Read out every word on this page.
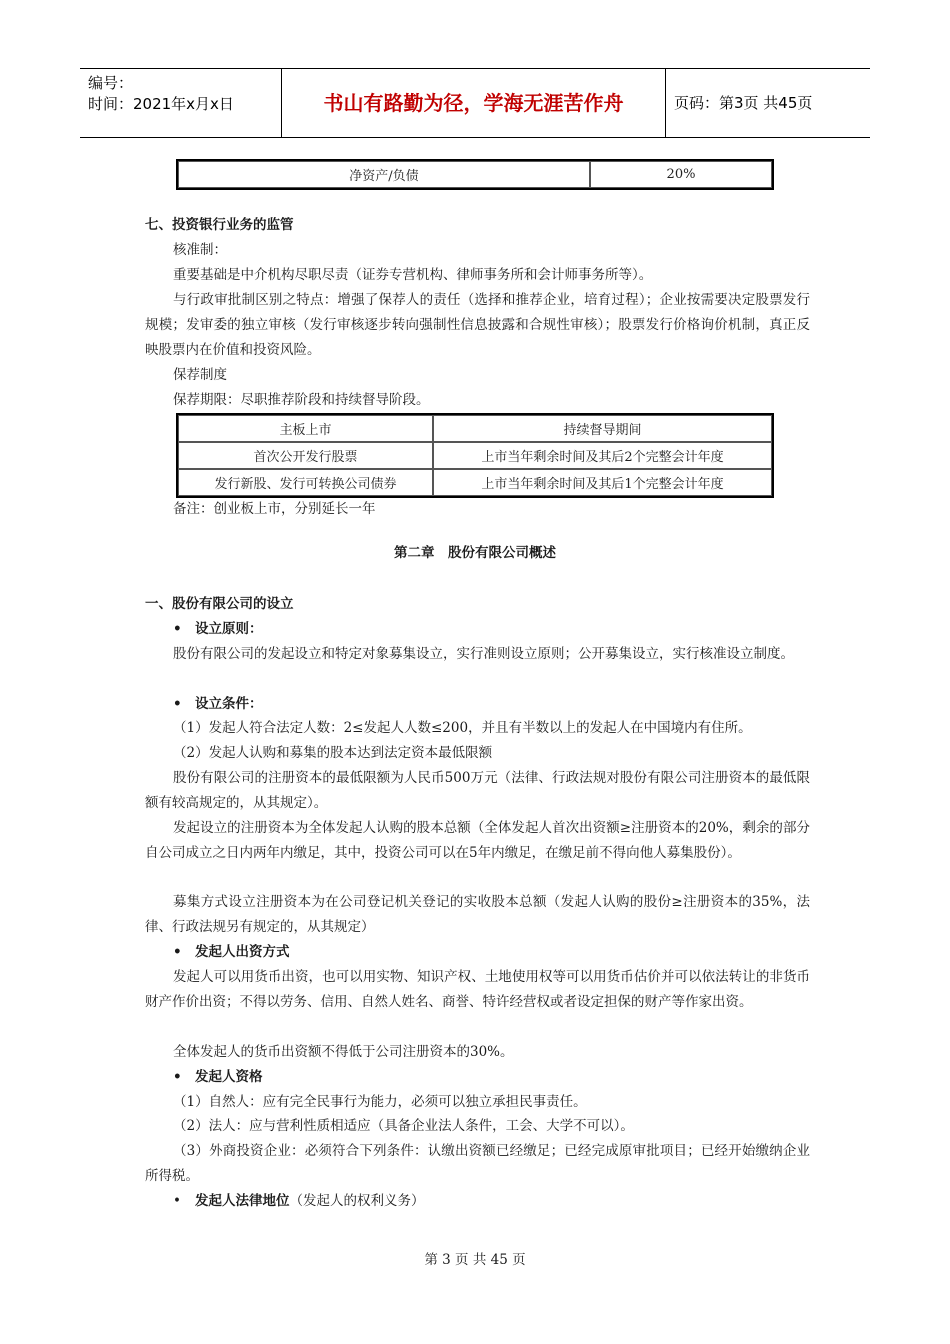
编号：
时间：2021年x月x日	书山有路勤为径，学海无涯苦作舟	页码：第3页 共45页
净资产/负债	20%
七、投资银行业务的监管
核准制：
重要基础是中介机构尽职尽责（证券专营机构、律师事务所和会计师事务所等）。
与行政审批制区别之特点：增强了保荐人的责任（选择和推荐企业，培育过程）；企业按需要决定股票发行规模；发审委的独立审核（发行审核逐步转向强制性信息披露和合规性审核）；股票发行价格询价机制，真正反映股票内在价值和投资风险。
保荐制度
保荐期限：尽职推荐阶段和持续督导阶段。
主板上市	持续督导期间
首次公开发行股票	上市当年剩余时间及其后2个完整会计年度
发行新股、发行可转换公司债券	上市当年剩余时间及其后1个完整会计年度
备注：创业板上市，分别延长一年
第二章　股份有限公司概述
一、股份有限公司的设立
• 设立原则：
股份有限公司的发起设立和特定对象募集设立，实行准则设立原则；公开募集设立，实行核准设立制度。
• 设立条件：
（1）发起人符合法定人数：2≤发起人人数≤200，并且有半数以上的发起人在中国境内有住所。
（2）发起人认购和募集的股本达到法定资本最低限额
股份有限公司的注册资本的最低限额为人民币500万元（法律、行政法规对股份有限公司注册资本的最低限额有较高规定的，从其规定）。
发起设立的注册资本为全体发起人认购的股本总额（全体发起人首次出资额≥注册资本的20%，剩余的部分自公司成立之日内两年内缴足，其中，投资公司可以在5年内缴足，在缴足前不得向他人募集股份）。
募集方式设立注册资本为在公司登记机关登记的实收股本总额（发起人认购的股份≥注册资本的35%，法律、行政法规另有规定的，从其规定）
• 发起人出资方式
发起人可以用货币出资，也可以用实物、知识产权、土地使用权等可以用货币估价并可以依法转让的非货币财产作价出资；不得以劳务、信用、自然人姓名、商誉、特许经营权或者设定担保的财产等作家出资。
全体发起人的货币出资额不得低于公司注册资本的30%。
• 发起人资格
（1）自然人：应有完全民事行为能力，必须可以独立承担民事责任。
（2）法人：应与营利性质相适应（具备企业法人条件，工会、大学不可以）。
（3）外商投资企业：必须符合下列条件：认缴出资额已经缴足；已经完成原审批项目；已经开始缴纳企业所得税。
• 发起人法律地位（发起人的权利义务）
第 3 页 共 45 页
